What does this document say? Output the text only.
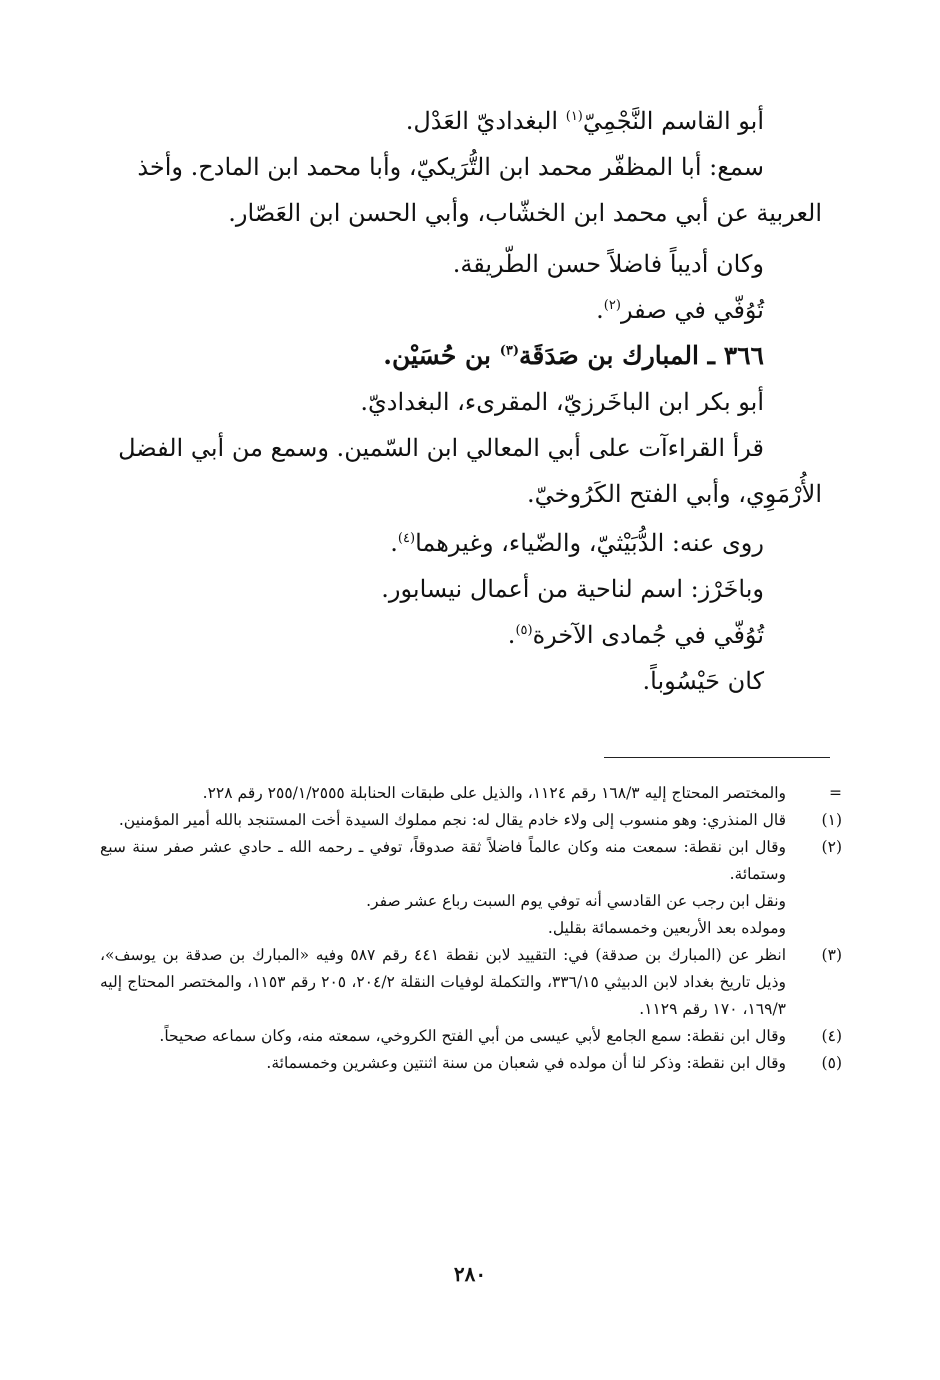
أبو القاسم النَّجْمِيّ$^{(١)}$ البغداديّ العَدْل.

سمع: أبا المظفّر محمد ابن التُّرَيكيّ، وأبا محمد ابن المادح. وأخذ

العربية عن أبي محمد ابن الخشّاب، وأبي الحسن ابن العَصّار.

وكان أديباً فاضلاً حسن الطّريقة.

تُوُفّي في صفر$^{(٢)}$.

٣٦٦ ـ المبارك بن صَدَقَة$^{(٣)}$ بن حُسَيْن.

أبو بكر ابن الباخَرزيّ، المقرىء، البغداديّ.

قرأ القراءآت على أبي المعالي ابن السّمين. وسمع من أبي الفضل

الأُرْمَوِي، وأبي الفتح الكَرُوخيّ.

روى عنه: الدُّبَيْثيّ، والضّياء، وغيرهما$^{(٤)}$.

وباخَرْز: اسم لناحية من أعمال نيسابور.

تُوُفّي في جُمادى الآخرة$^{(٥)}$.

كان حَيْسُوباً.

=

والمختصر المحتاج إليه ١٦٨/٣ رقم ١١٢٤، والذيل على طبقات الحنابلة ٢٥٥/١/٢٥٥٥ رقم ٢٢٨.

(١)

قال المنذري: وهو منسوب إلى ولاء خادم يقال له: نجم مملوك السيدة أخت المستنجد بالله أمير المؤمنين.

(٢)

وقال ابن نقطة: سمعت منه وكان عالماً فاضلاً ثقة صدوقاً، توفي ـ رحمه الله ـ حادي عشر صفر سنة سبع وستمائة.

ونقل ابن رجب عن القادسي أنه توفي يوم السبت رباع عشر صفر.

ومولده بعد الأربعين وخمسمائة بقليل.

(٣)

انظر عن (المبارك بن صدقة) في: التقييد لابن نقطة ٤٤١ رقم ٥٨٧ وفيه «المبارك بن صدقة بن يوسف»، وذيل تاريخ بغداد لابن الدبيثي ٣٣٦/١٥، والتكملة لوفيات النقلة ٢٠٤/٢، ٢٠٥ رقم ١١٥٣، والمختصر المحتاج إليه ١٦٩/٣، ١٧٠ رقم ١١٢٩.

(٤)

وقال ابن نقطة: سمع الجامع لأبي عيسى من أبي الفتح الكروخي، سمعته منه، وكان سماعه صحيحاً.

(٥)

وقال ابن نقطة: وذكر لنا أن مولده في شعبان من سنة اثنتين وعشرين وخمسمائة.

٢٨٠
